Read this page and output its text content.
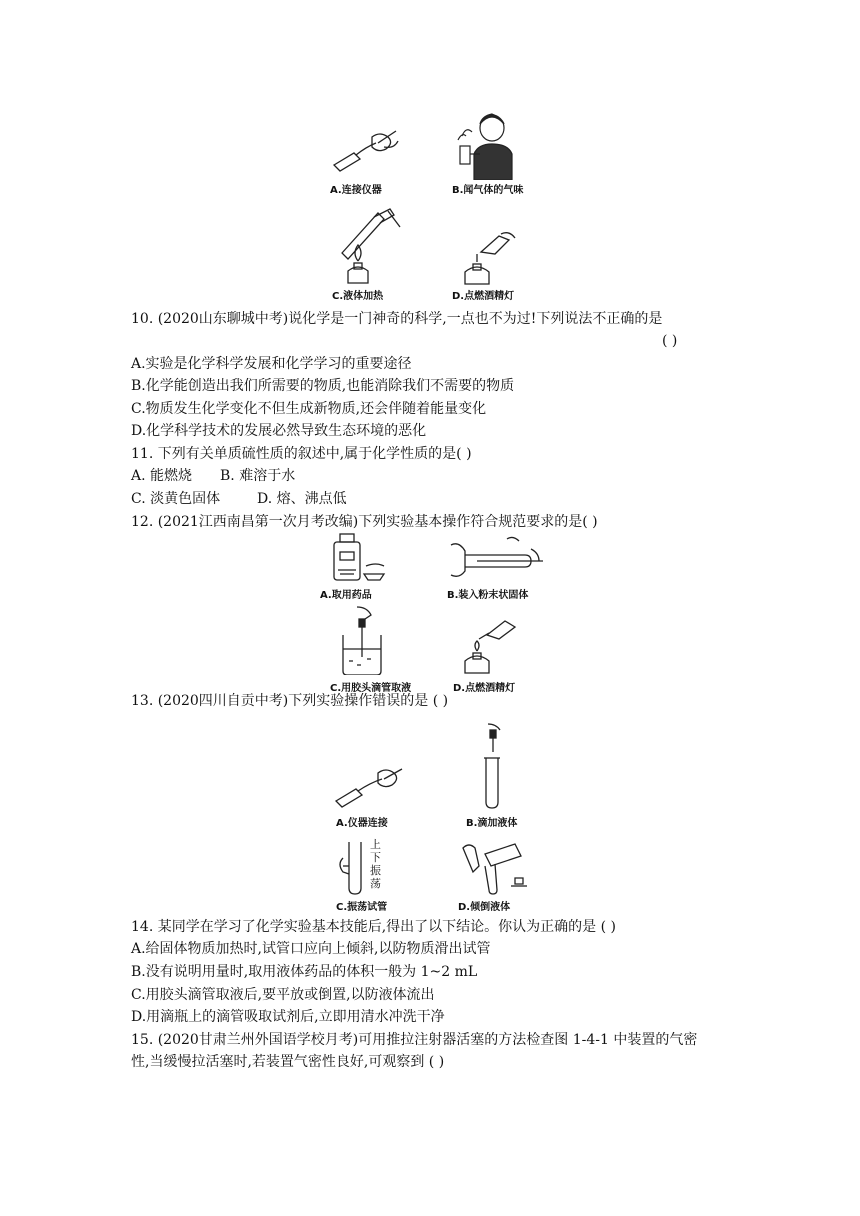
A.连接仪器	B.闻气体的气味
C.液体加热	D.点燃酒精灯
10. (2020山东聊城中考)说化学是一门神奇的科学,一点也不为过!下列说法不正确的是
( )
A.实验是化学科学发展和化学学习的重要途径
B.化学能创造出我们所需要的物质,也能消除我们不需要的物质
C.物质发生化学变化不但生成新物质,还会伴随着能量变化
D.化学科学技术的发展必然导致生态环境的恶化
11. 下列有关单质硫性质的叙述中,属于化学性质的是( )
A. 能燃烧 B. 难溶于水
C. 淡黄色固体	D. 熔、沸点低
12. (2021江西南昌第一次月考改编)下列实验基本操作符合规范要求的是( )
A.取用药品	B.装入粉末状固体
C.用胶头滴管取液	D.点燃酒精灯
13. (2020四川自贡中考)下列实验操作错误的是 ( )
A.仪器连接	B.滴加液体
上
下
振
荡
C.振荡试管	D.倾倒液体
14. 某同学在学习了化学实验基本技能后,得出了以下结论。你认为正确的是 ( )
A.给固体物质加热时,试管口应向上倾斜,以防物质滑出试管
B.没有说明用量时,取用液体药品的体积一般为 1~2 mL
C.用胶头滴管取液后,要平放或倒置,以防液体流出
D.用滴瓶上的滴管吸取试剂后,立即用清水冲洗干净
15. (2020甘肃兰州外国语学校月考)可用推拉注射器活塞的方法检查图 1-4-1 中装置的气密
性,当缓慢拉活塞时,若装置气密性良好,可观察到 ( )
